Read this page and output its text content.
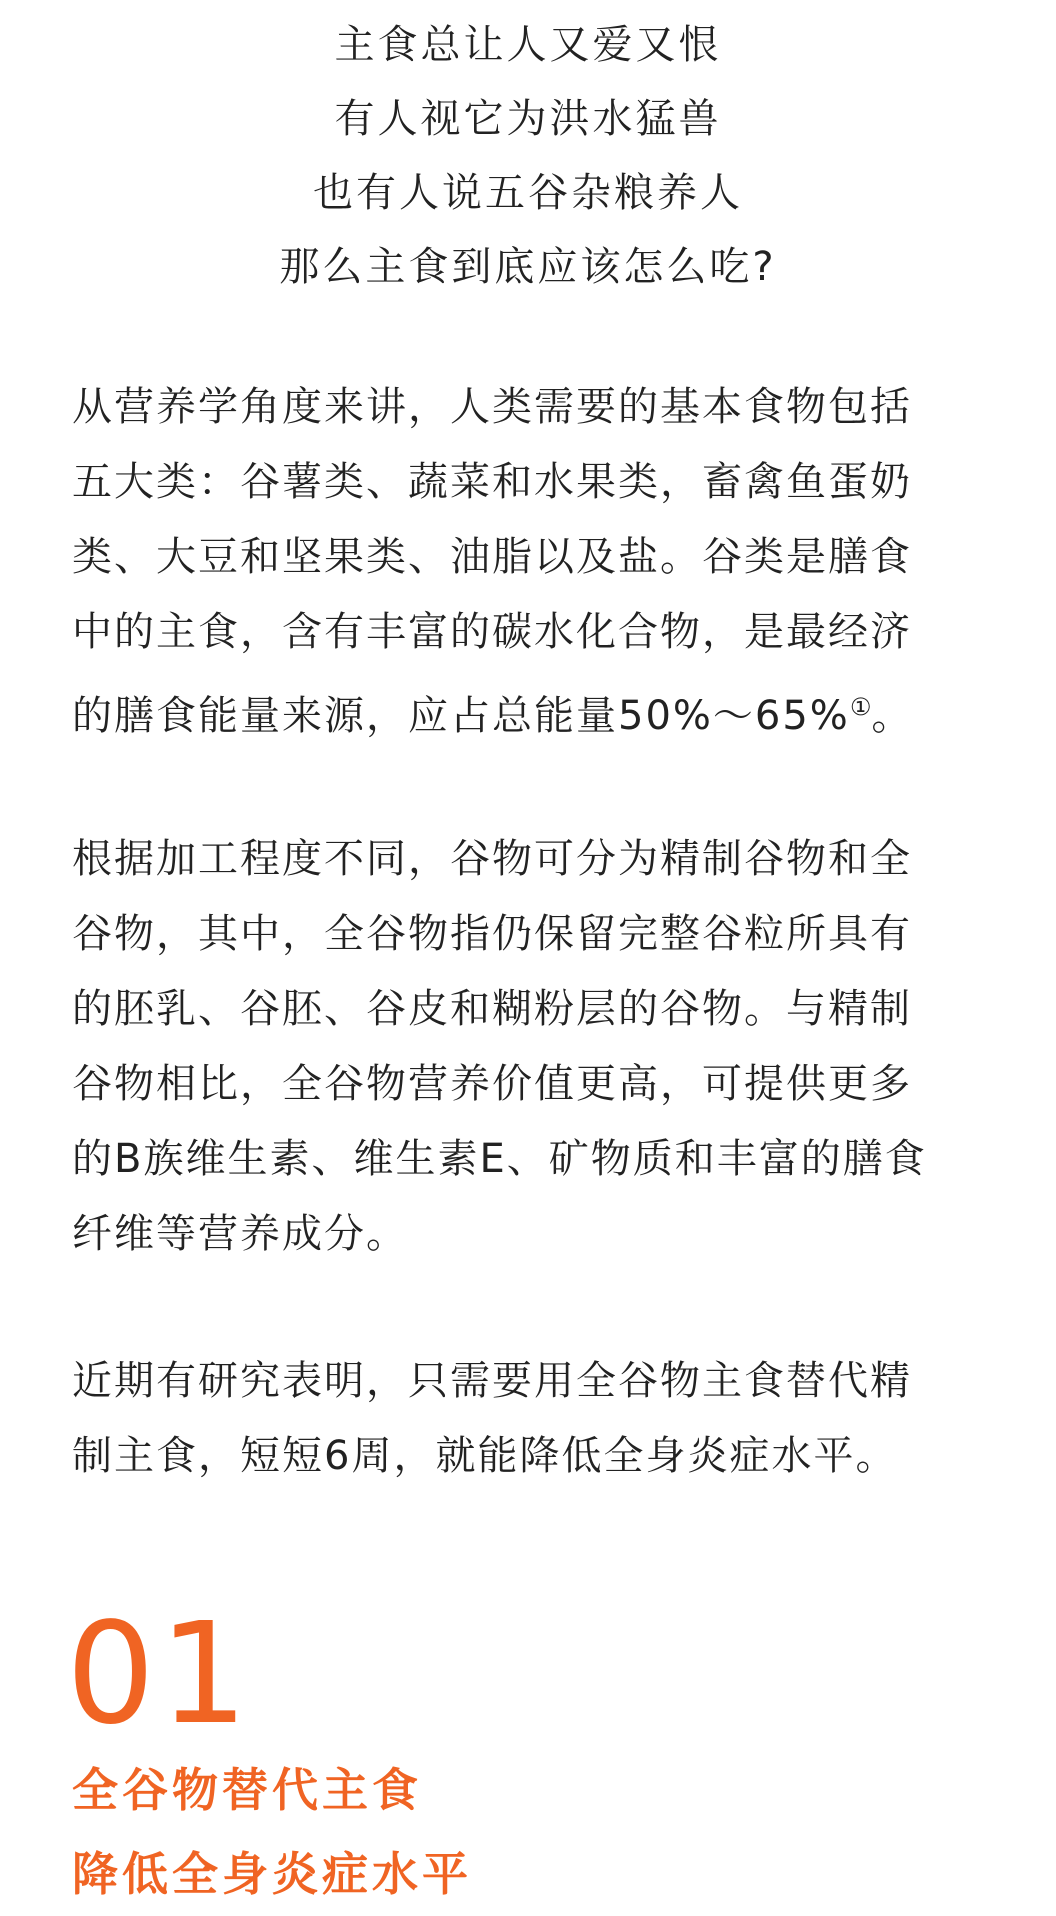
主食总让人又爱又恨
有人视它为洪水猛兽
也有人说五谷杂粮养人
那么主食到底应该怎么吃?
从营养学角度来讲，人类需要的基本食物包括
五大类：谷薯类、蔬菜和水果类，畜禽鱼蛋奶
类、大豆和坚果类、油脂以及盐。谷类是膳食
中的主食，含有丰富的碳水化合物，是最经济
的膳食能量来源，应占总能量50%～65%①。
根据加工程度不同，谷物可分为精制谷物和全
谷物，其中，全谷物指仍保留完整谷粒所具有
的胚乳、谷胚、谷皮和糊粉层的谷物。与精制
谷物相比，全谷物营养价值更高，可提供更多
的B族维生素、维生素E、矿物质和丰富的膳食
纤维等营养成分。
近期有研究表明，只需要用全谷物主食替代精
制主食，短短6周，就能降低全身炎症水平。
01
全谷物替代主食
降低全身炎症水平
